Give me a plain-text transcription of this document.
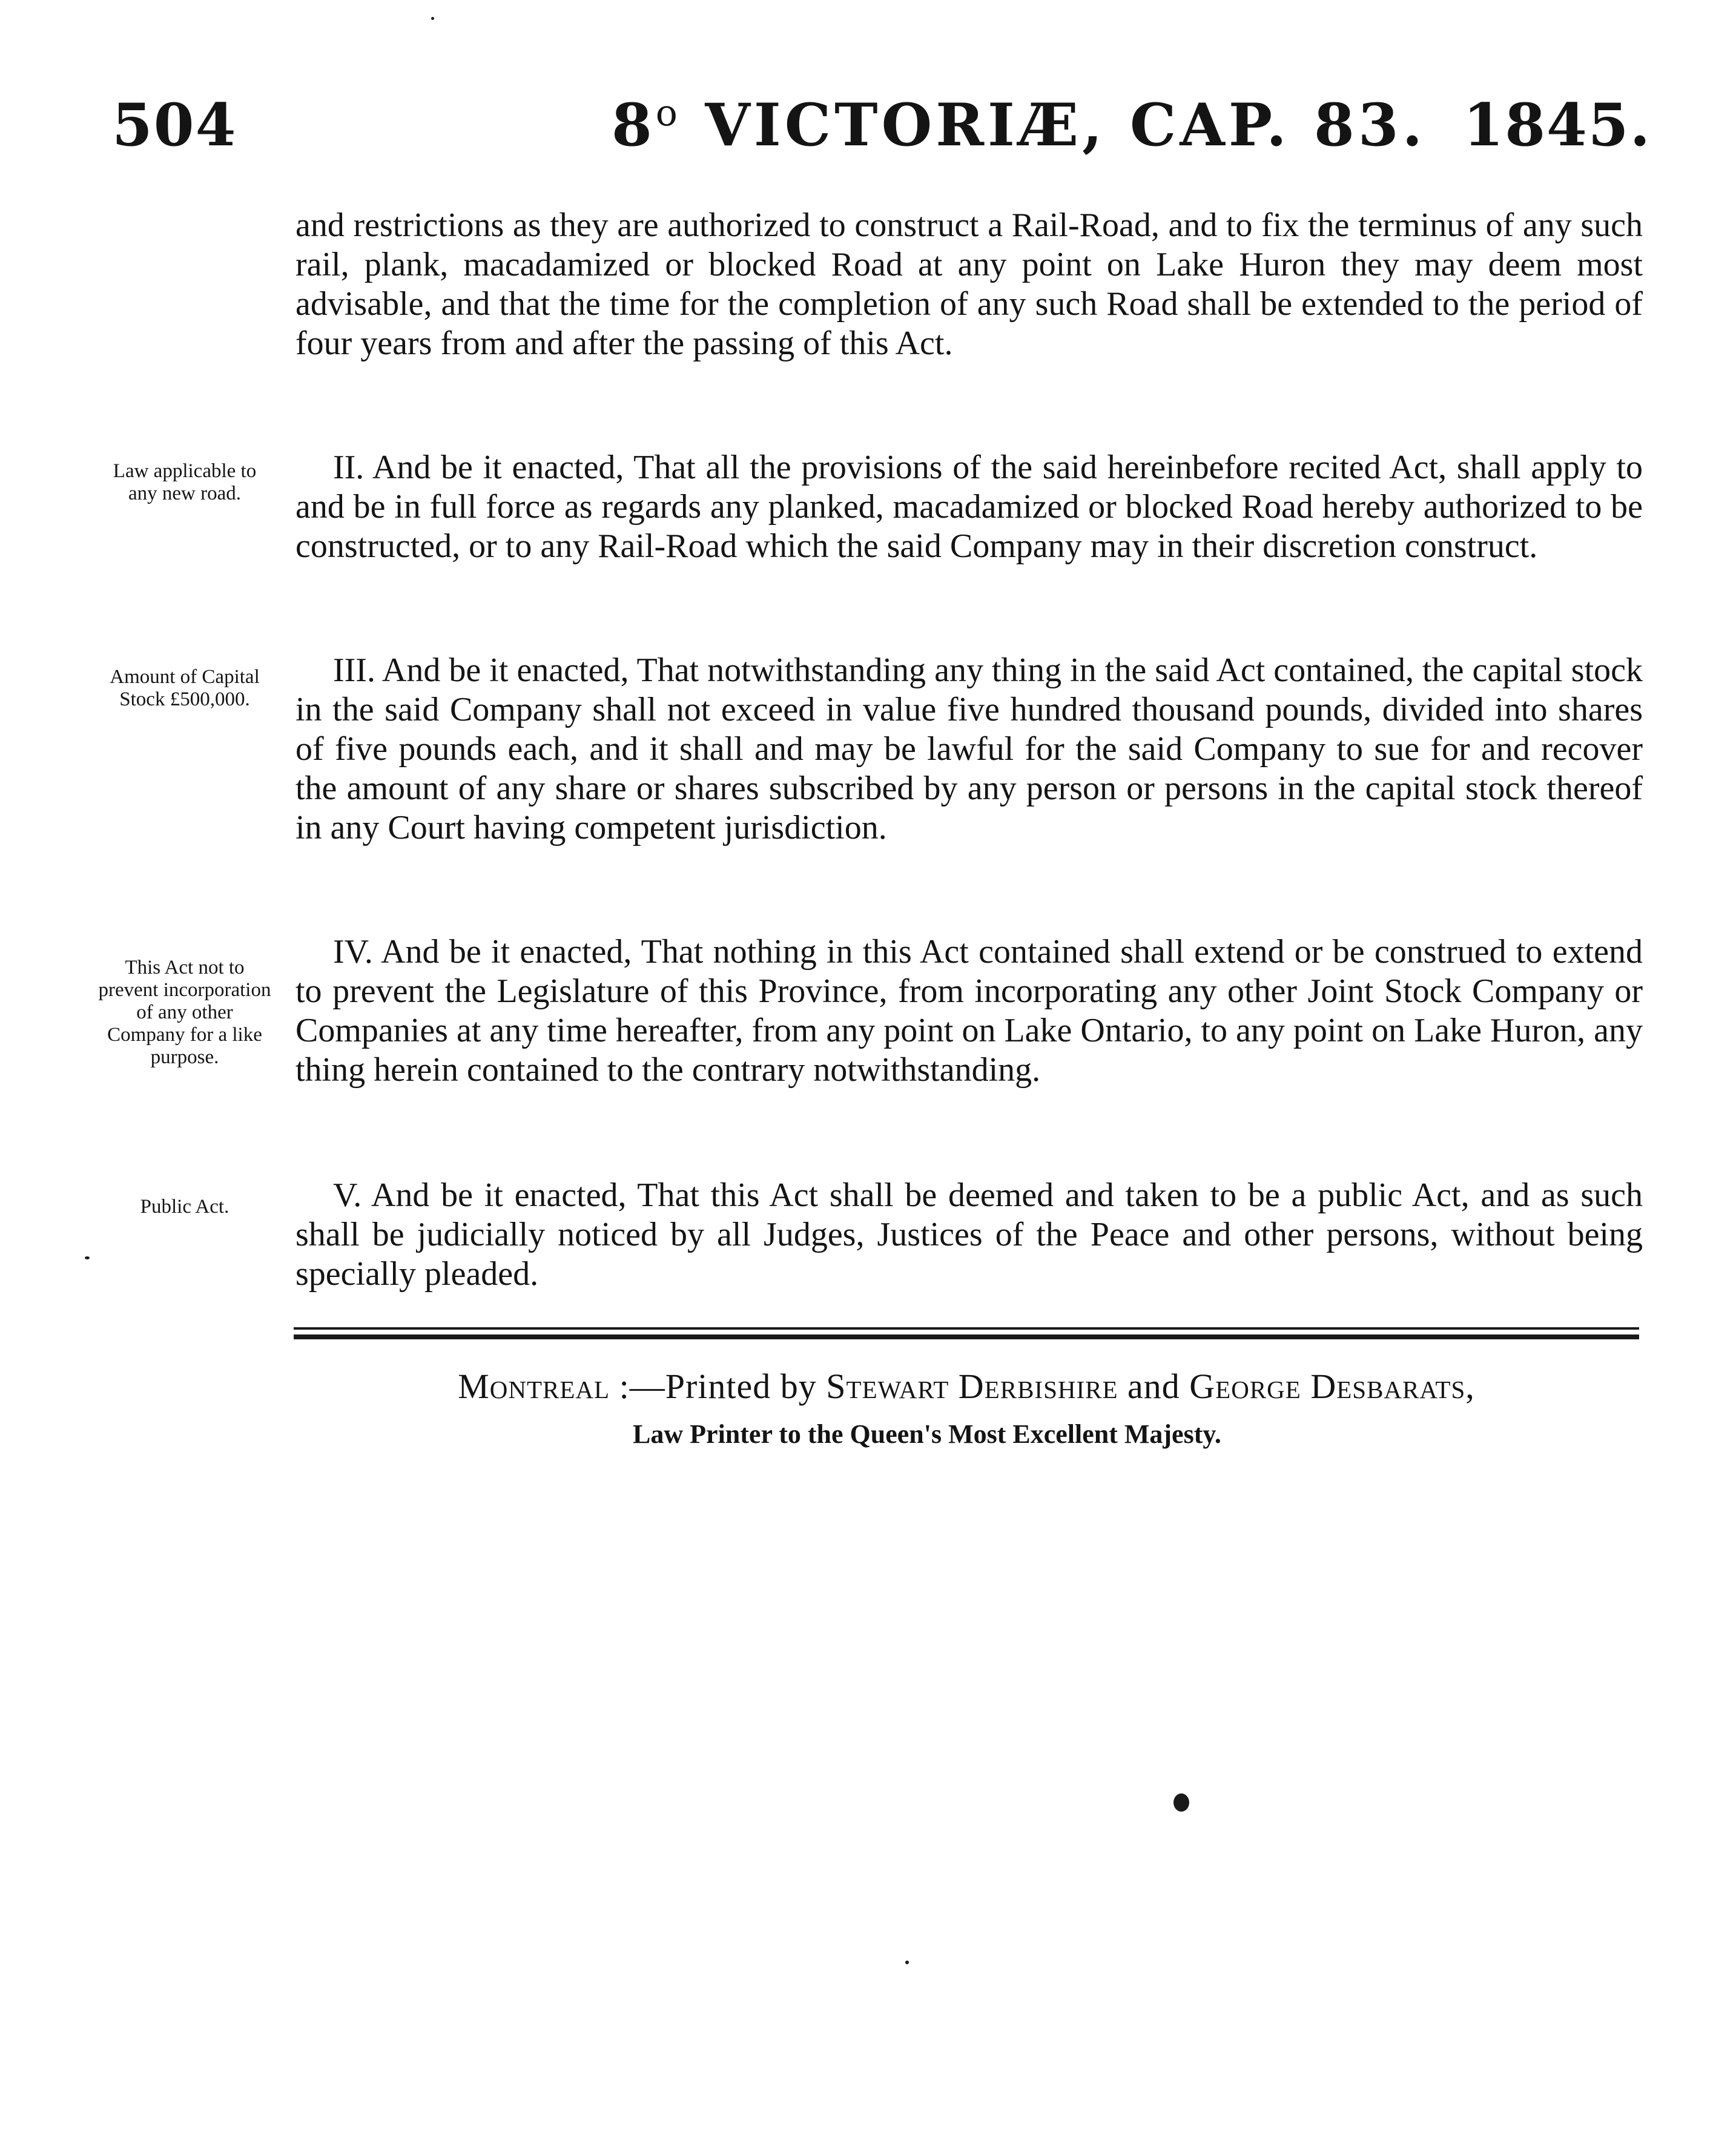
504	8$^o$ VICTORIÆ, CAP. 83. 1845.

and restrictions as they are authorized to construct a Rail-Road, and to fix the terminus of any such rail, plank, macadamized or blocked Road at any point on Lake Huron they may deem most advisable, and that the time for the completion of any such Road shall be extended to the period of four years from and after the passing of this Act.

Law applicable to any new road.

II. And be it enacted, That all the provisions of the said hereinbefore recited Act, shall apply to and be in full force as regards any planked, macadamized or blocked Road hereby authorized to be constructed, or to any Rail-Road which the said Company may in their discretion construct.

Amount of Capital Stock £500,000.

III. And be it enacted, That notwithstanding any thing in the said Act contained, the capital stock in the said Company shall not exceed in value five hundred thousand pounds, divided into shares of five pounds each, and it shall and may be lawful for the said Company to sue for and recover the amount of any share or shares subscribed by any person or persons in the capital stock thereof in any Court having competent jurisdiction.

This Act not to prevent incorporation of any other Company for a like purpose.

IV. And be it enacted, That nothing in this Act contained shall extend or be construed to extend to prevent the Legislature of this Province, from incorporating any other Joint Stock Company or Companies at any time hereafter, from any point on Lake Ontario, to any point on Lake Huron, any thing herein contained to the contrary notwithstanding.

Public Act.	V. And be it enacted, That this Act shall be deemed and taken to be a public Act, and as such shall be judicially noticed by all Judges, Justices of the Peace and other persons, without being specially pleaded.

Montreal :—Printed by Stewart Derbishire and George Desbarats,
Law Printer to the Queen's Most Excellent Majesty.
